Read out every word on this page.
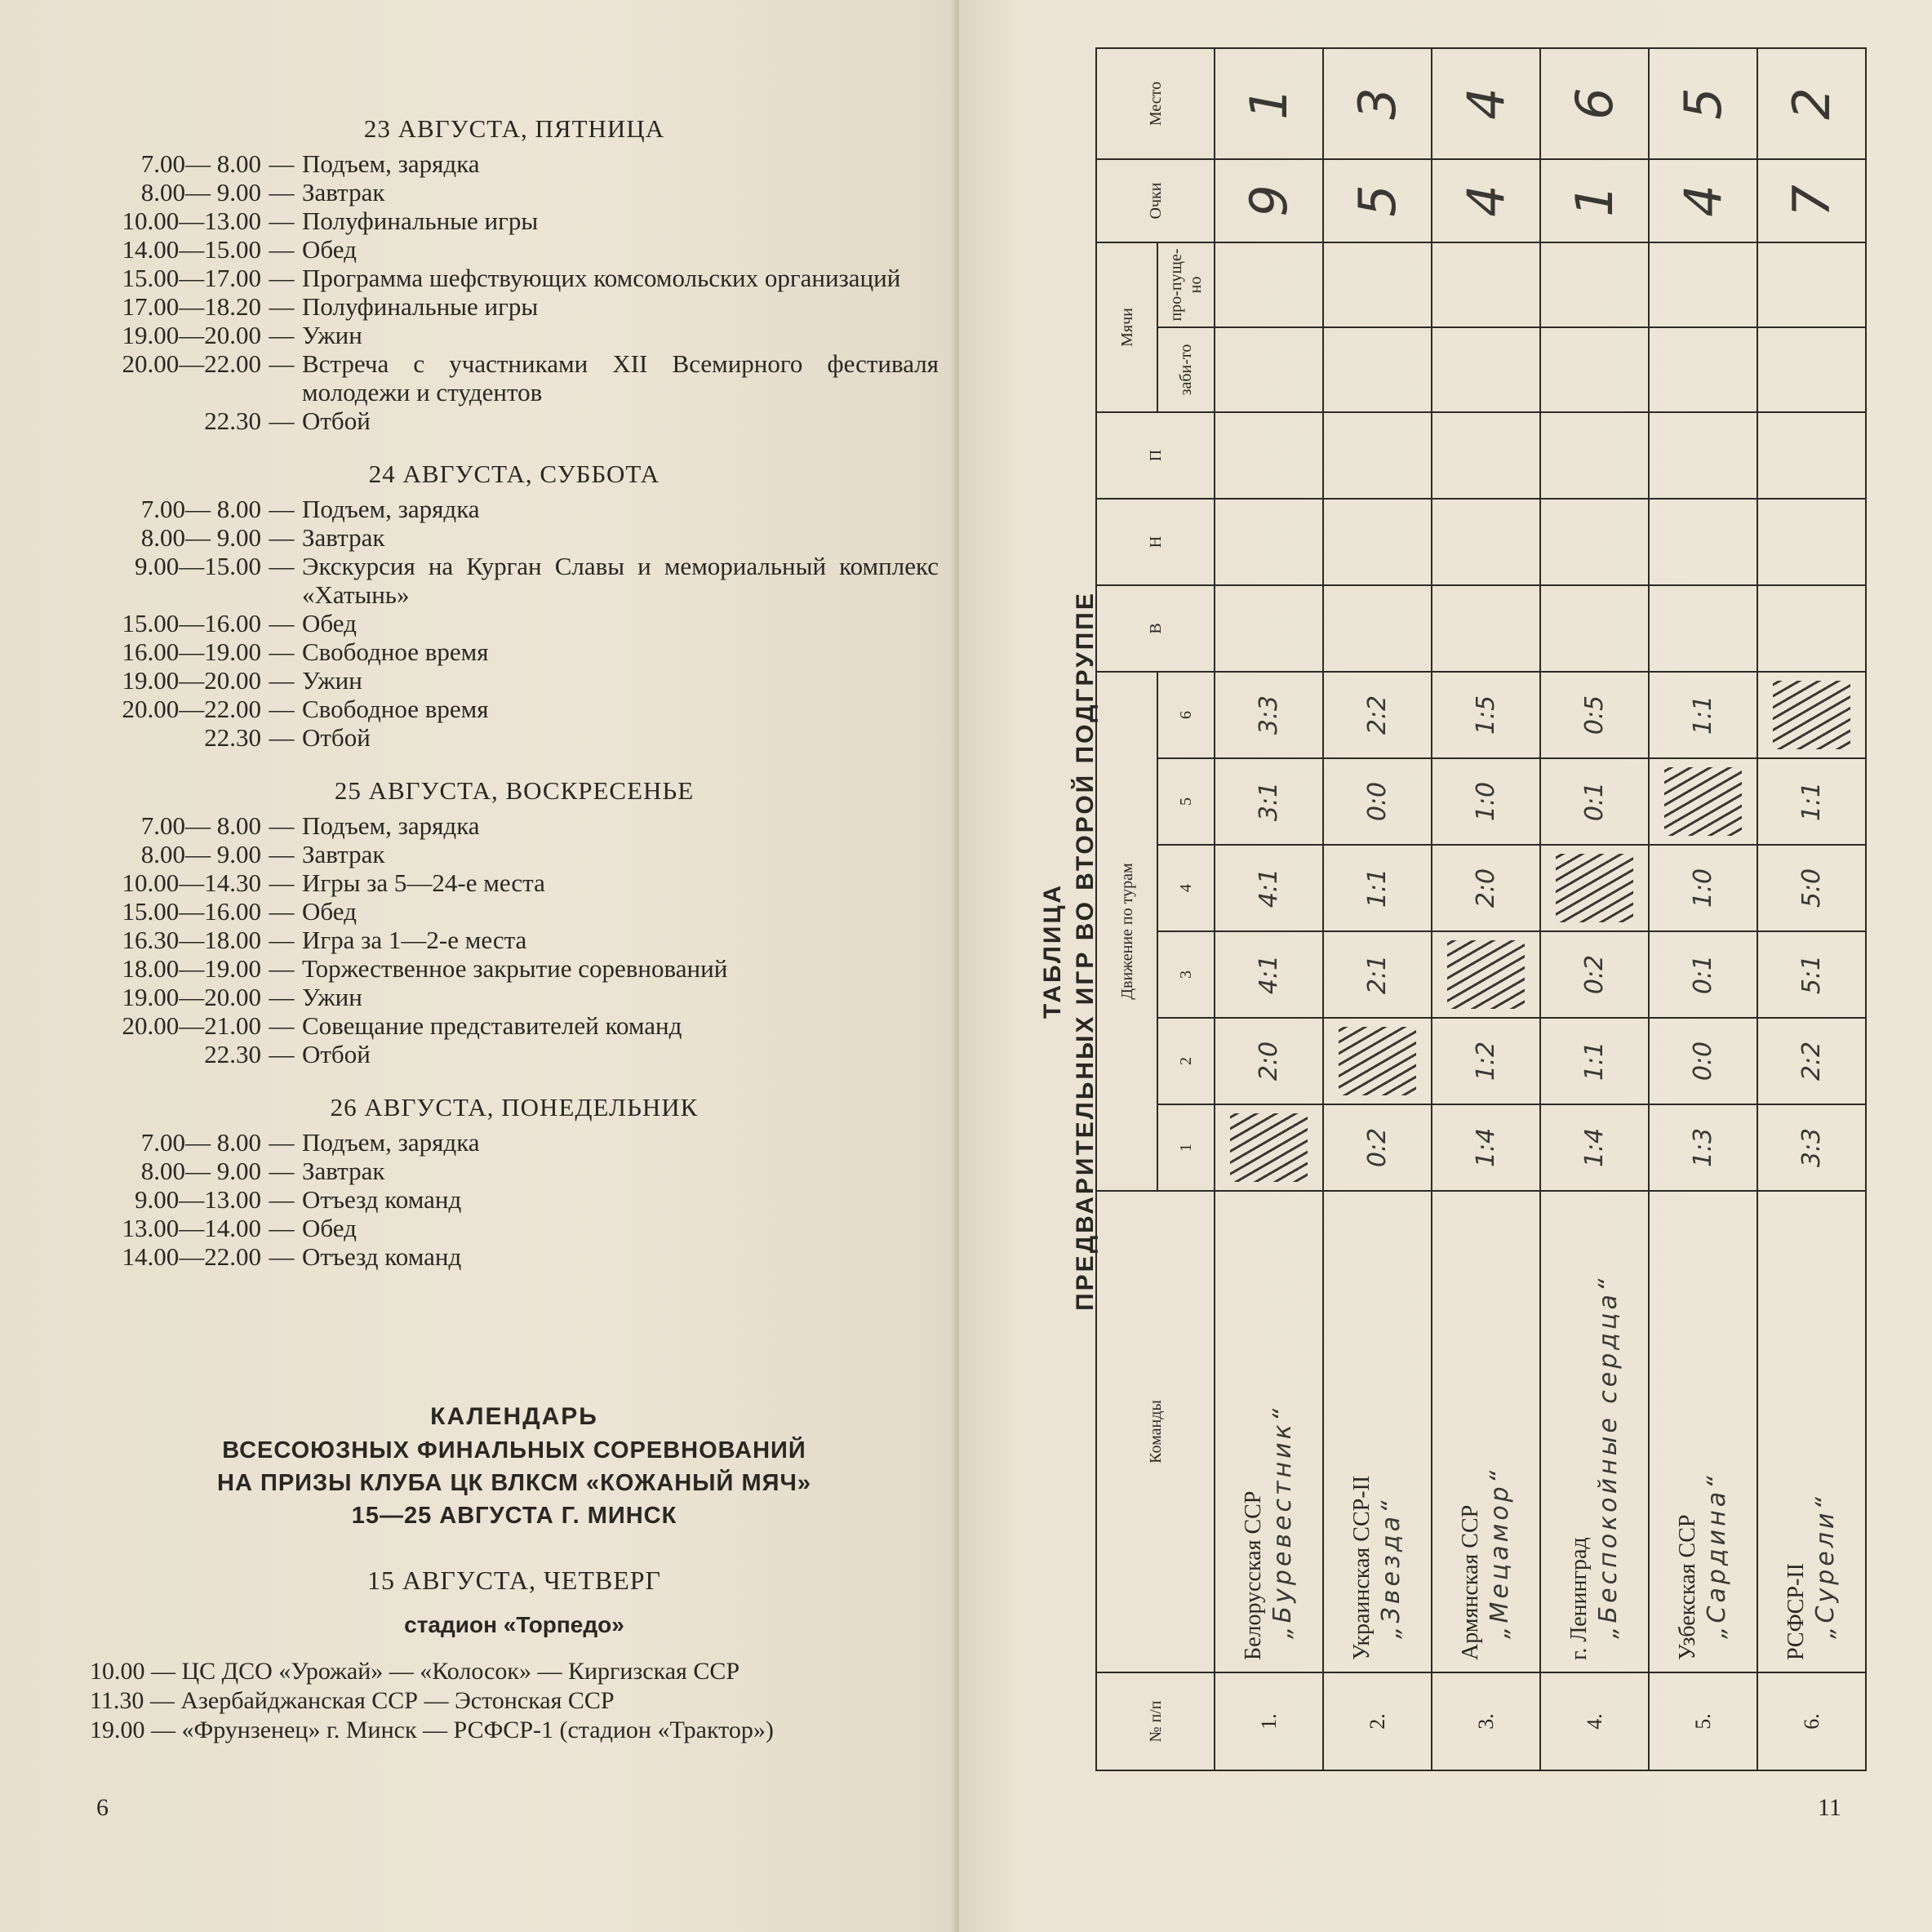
23 АВГУСТА, ПЯТНИЦА
7.00— 8.00 — Подъем, зарядка
8.00— 9.00 — Завтрак
10.00—13.00 — Полуфинальные игры
14.00—15.00 — Обед
15.00—17.00 — Программа шефствующих комсомольских организаций
17.00—18.20 — Полуфинальные игры
19.00—20.00 — Ужин
20.00—22.00 — Встреча с участниками XII Всемирного фестиваля молодежи и студентов
22.30 — Отбой
24 АВГУСТА, СУББОТА
7.00— 8.00 — Подъем, зарядка
8.00— 9.00 — Завтрак
9.00—15.00 — Экскурсия на Курган Славы и мемориальный комплекс «Хатынь»
15.00—16.00 — Обед
16.00—19.00 — Свободное время
19.00—20.00 — Ужин
20.00—22.00 — Свободное время
22.30 — Отбой
25 АВГУСТА, ВОСКРЕСЕНЬЕ
7.00— 8.00 — Подъем, зарядка
8.00— 9.00 — Завтрак
10.00—14.30 — Игры за 5—24-е места
15.00—16.00 — Обед
16.30—18.00 — Игра за 1—2-е места
18.00—19.00 — Торжественное закрытие соревнований
19.00—20.00 — Ужин
20.00—21.00 — Совещание представителей команд
22.30 — Отбой
26 АВГУСТА, ПОНЕДЕЛЬНИК
7.00— 8.00 — Подъем, зарядка
8.00— 9.00 — Завтрак
9.00—13.00 — Отъезд команд
13.00—14.00 — Обед
14.00—22.00 — Отъезд команд
КАЛЕНДАРЬ
ВСЕСОЮЗНЫХ ФИНАЛЬНЫХ СОРЕВНОВАНИЙ
НА ПРИЗЫ КЛУБА ЦК ВЛКСМ «КОЖАНЫЙ МЯЧ»
15—25 АВГУСТА Г. МИНСК
15 АВГУСТА, ЧЕТВЕРГ
стадион «Торпедо»
10.00 — ЦС ДСО «Урожай» — «Колосок» — Киргизская ССР
11.30 — Азербайджанская ССР — Эстонская ССР
19.00 — «Фрунзенец» г. Минск — РСФСР-1 (стадион «Трактор»)
6	11
ТАБЛИЦА ПРЕДВАРИТЕЛЬНЫХ ИГР ВО ВТОРОЙ ПОДГРУППЕ
№ п/п	Команды	Движение по турам						В	Н	П	Мячи		Очки	Место
		1	2	3	4	5	6				заби-то	про-пуще-но		
1.	Белорусская ССР „Буревестник“		2:0	4:1	4:1	3:1	3:3						9	1
2.	Украинская ССР-II „Звезда“	0:2		2:1	1:1	0:0	2:2						5	3
3.	Армянская ССР „Мецамор“	1:4	1:2		2:0	1:0	1:5						4	4
4.	г. Ленинград „Беспокойные сердца“	1:4	1:1	0:2		0:1	0:5						1	6
5.	Узбекская ССР „Сардина“	1:3	0:0	0:1	1:0		1:1						4	5
6.	РСФСР-II „Сурели“	3:3	2:2	5:1	5:0	1:1							7	2
